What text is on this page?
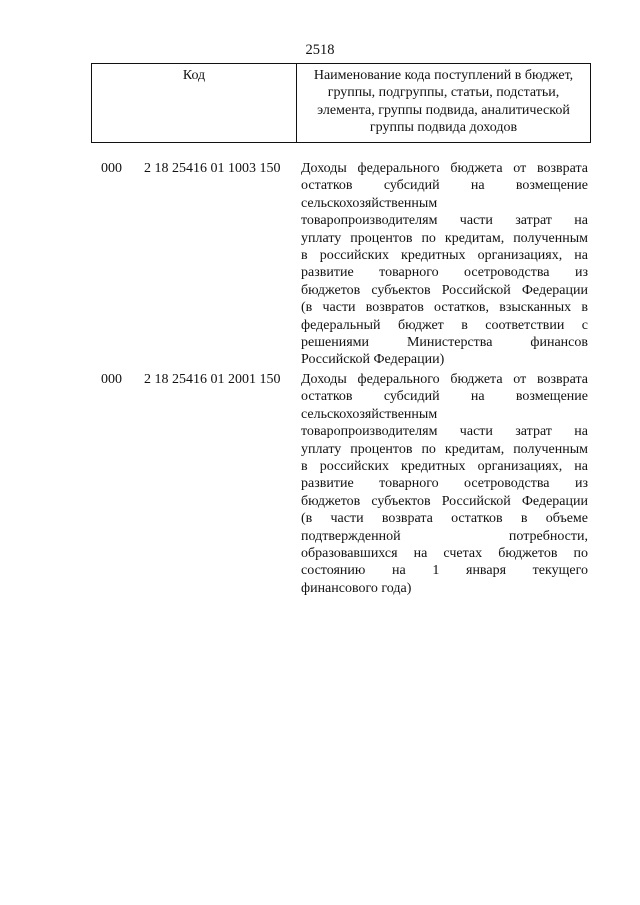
2518
Код	Наименование кода поступлений в бюджет, группы, подгруппы, статьи, подстатьи, элемента, группы подвида, аналитической группы подвида доходов
000 2 18 25416 01 1003 150 Доходы федерального бюджета от возврата
остатков субсидий на возмещение
сельскохозяйственным
товаропроизводителям части затрат на
уплату процентов по кредитам, полученным
в российских кредитных организациях, на
развитие товарного осетроводства из
бюджетов субъектов Российской Федерации
(в части возвратов остатков, взысканных в
федеральный бюджет в соответствии с
решениями Министерства финансов
Российской Федерации)
000 2 18 25416 01 2001 150 Доходы федерального бюджета от возврата
остатков субсидий на возмещение
сельскохозяйственным
товаропроизводителям части затрат на
уплату процентов по кредитам, полученным
в российских кредитных организациях, на
развитие товарного осетроводства из
бюджетов субъектов Российской Федерации
(в части возврата остатков в объеме
подтвержденной потребности,
образовавшихся на счетах бюджетов по
состоянию на 1 января текущего
финансового года)
